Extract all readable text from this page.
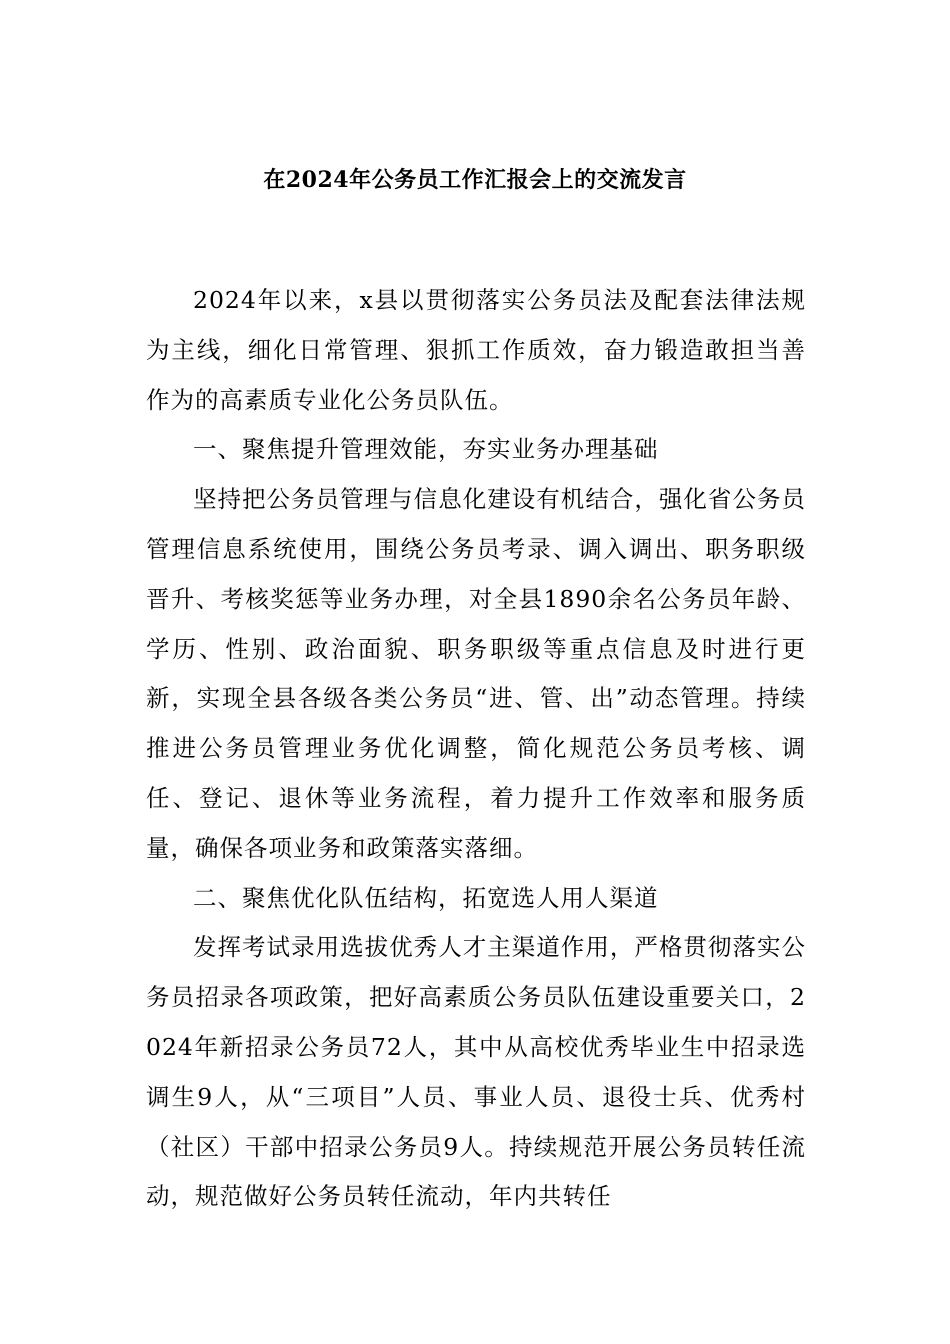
在2024年公务员工作汇报会上的交流发言

2024年以来，x县以贯彻落实公务员法及配套法律法规为主线，细化日常管理、狠抓工作质效，奋力锻造敢担当善作为的高素质专业化公务员队伍。

一、聚焦提升管理效能，夯实业务办理基础

坚持把公务员管理与信息化建设有机结合，强化省公务员管理信息系统使用，围绕公务员考录、调入调出、职务职级晋升、考核奖惩等业务办理，对全县1890余名公务员年龄、学历、性别、政治面貌、职务职级等重点信息及时进行更新，实现全县各级各类公务员“进、管、出”动态管理。持续推进公务员管理业务优化调整，简化规范公务员考核、调任、登记、退休等业务流程，着力提升工作效率和服务质量，确保各项业务和政策落实落细。

二、聚焦优化队伍结构，拓宽选人用人渠道

发挥考试录用选拔优秀人才主渠道作用，严格贯彻落实公务员招录各项政策，把好高素质公务员队伍建设重要关口，2024年新招录公务员72人，其中从高校优秀毕业生中招录选调生9人，从“三项目”人员、事业人员、退役士兵、优秀村（社区）干部中招录公务员9人。持续规范开展公务员转任流动，规范做好公务员转任流动，年内共转任
